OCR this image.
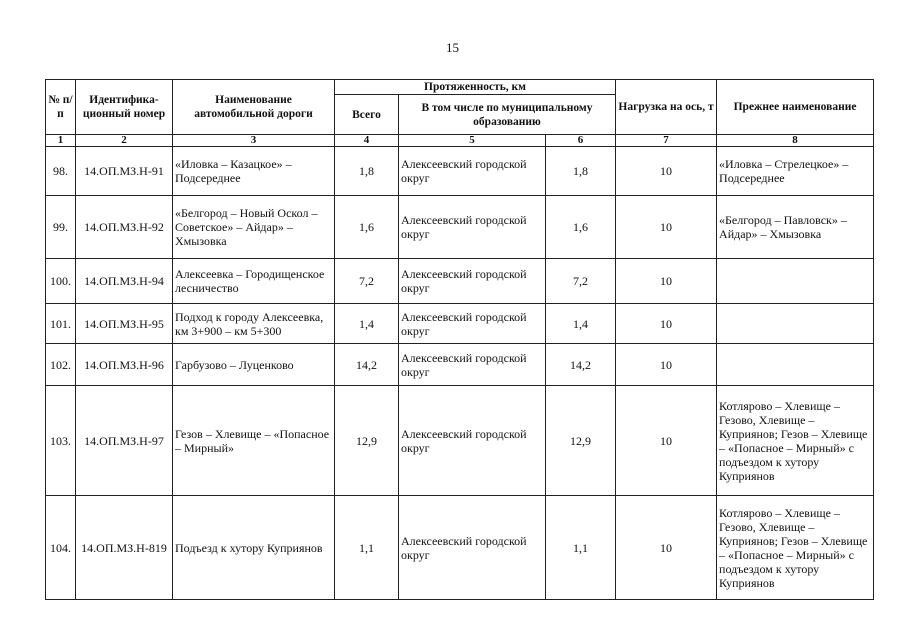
15
№ п/п	Идентифика-ционный номер	Наименование автомобильной дороги	Протяженность, км			Нагрузка на ось, т	Прежнее наименование
			Всего	В том числе по муниципальному образованию			
1	2	3	4	5	6	7	8
98.	14.ОП.МЗ.Н-91	«Иловка – Казацкое» – Подсереднее	1,8	Алексеевский городской округ	1,8	10	«Иловка – Стрелецкое» – Подсереднее
99.	14.ОП.МЗ.Н-92	«Белгород – Новый Оскол – Советское» – Айдар» – Хмызовка	1,6	Алексеевский городской округ	1,6	10	«Белгород – Павловск» – Айдар» – Хмызовка
100.	14.ОП.МЗ.Н-94	Алексеевка – Городищенское лесничество	7,2	Алексеевский городской округ	7,2	10	
101.	14.ОП.МЗ.Н-95	Подход к городу Алексеевка, км 3+900 – км 5+300	1,4	Алексеевский городской округ	1,4	10	
102.	14.ОП.МЗ.Н-96	Гарбузово – Луценково	14,2	Алексеевский городской округ	14,2	10	
103.	14.ОП.МЗ.Н-97	Гезов – Хлевище – «Попасное – Мирный»	12,9	Алексеевский городской округ	12,9	10	Котлярово – Хлевище – Гезово, Хлевище – Куприянов; Гезов – Хлевище – «Попасное – Мирный» с подъездом к хутору Куприянов
104.	14.ОП.МЗ.Н-819	Подъезд к хутору Куприянов	1,1	Алексеевский городской округ	1,1	10	Котлярово – Хлевище – Гезово, Хлевище – Куприянов; Гезов – Хлевище – «Попасное – Мирный» с подъездом к хутору Куприянов
